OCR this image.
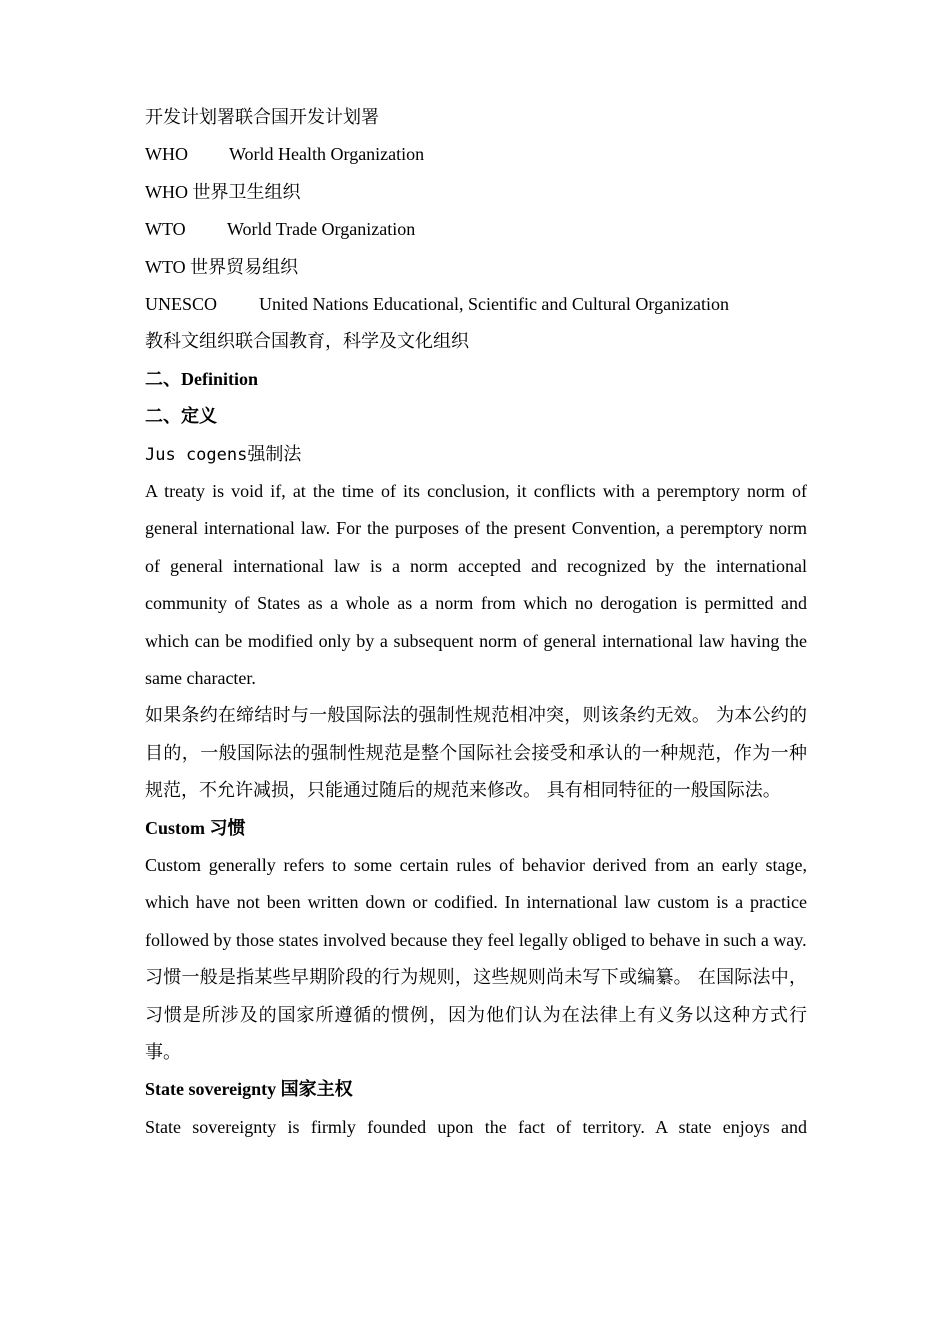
开发计划署联合国开发计划署
WHO World Health Organization
WHO 世界卫生组织
WTO World Trade Organization
WTO 世界贸易组织
UNESCO United Nations Educational, Scientific and Cultural Organization
教科文组织联合国教育，科学及文化组织
二、Definition
二、定义
Jus cogens强制法
A treaty is void if, at the time of its conclusion, it conflicts with a peremptory norm of general international law. For the purposes of the present Convention, a peremptory norm of general international law is a norm accepted and recognized by the international community of States as a whole as a norm from which no derogation is permitted and which can be modified only by a subsequent norm of general international law having the same character.
如果条约在缔结时与一般国际法的强制性规范相冲突，则该条约无效。 为本公约的目的，一般国际法的强制性规范是整个国际社会接受和承认的一种规范，作为一种规范，不允许减损，只能通过随后的规范来修改。 具有相同特征的一般国际法。
Custom 习惯
Custom generally refers to some certain rules of behavior derived from an early stage, which have not been written down or codified. In international law custom is a practice followed by those states involved because they feel legally obliged to behave in such a way.
习惯一般是指某些早期阶段的行为规则，这些规则尚未写下或编纂。 在国际法中，习惯是所涉及的国家所遵循的惯例，因为他们认为在法律上有义务以这种方式行事。
State sovereignty 国家主权
State sovereignty is firmly founded upon the fact of territory. A state enjoys and
